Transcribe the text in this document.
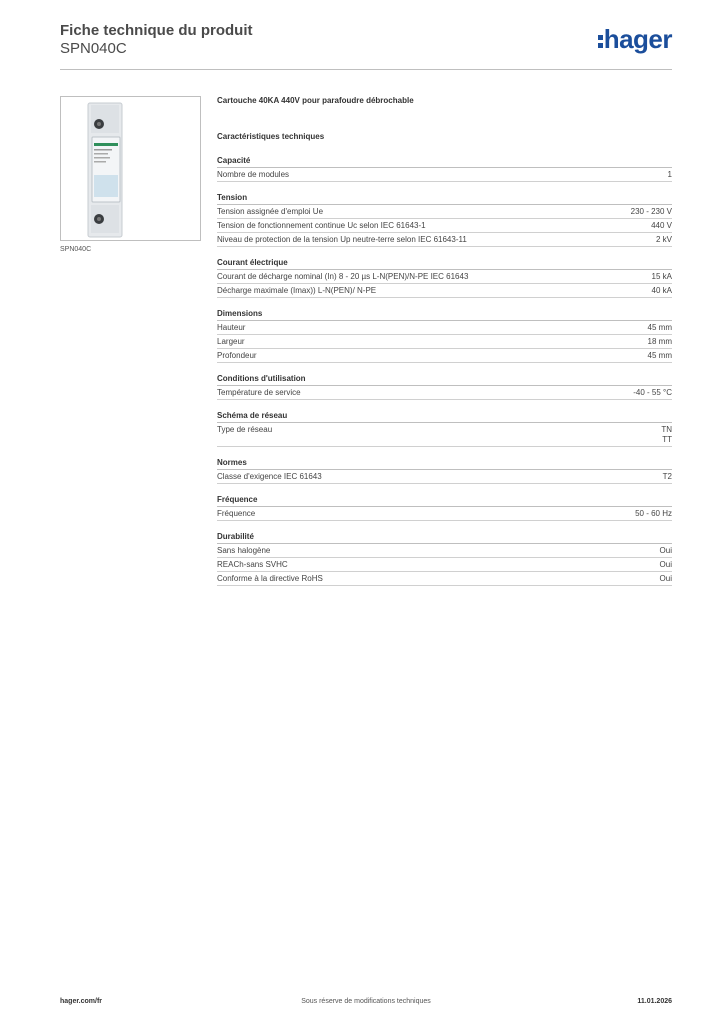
Fiche technique du produit
SPN040C	hager
SPN040C
Cartouche 40KA 440V pour parafoudre débrochable
Caractéristiques techniques
Capacité
Nombre de modules	1
Tension
Tension assignée d'emploi Ue	230 - 230 V
Tension de fonctionnement continue Uc selon IEC 61643-1	440 V
Niveau de protection de la tension Up neutre-terre selon IEC 61643-11	2 kV
Courant électrique
Courant de décharge nominal (In) 8 - 20 µs L-N(PEN)/N-PE IEC 61643	15 kA
Décharge maximale (Imax)) L-N(PEN)/ N-PE	40 kA
Dimensions
Hauteur	45 mm
Largeur	18 mm
Profondeur	45 mm
Conditions d'utilisation
Température de service	-40 - 55 °C
Schéma de réseau
Type de réseau	TN
TT
Normes
Classe d'exigence IEC 61643	T2
Fréquence
Fréquence	50 - 60 Hz
Durabilité
Sans halogène	Oui
REACh-sans SVHC	Oui
Conforme à la directive RoHS	Oui
Sous réserve de modifications techniques
hager.com/fr	11.01.2026
